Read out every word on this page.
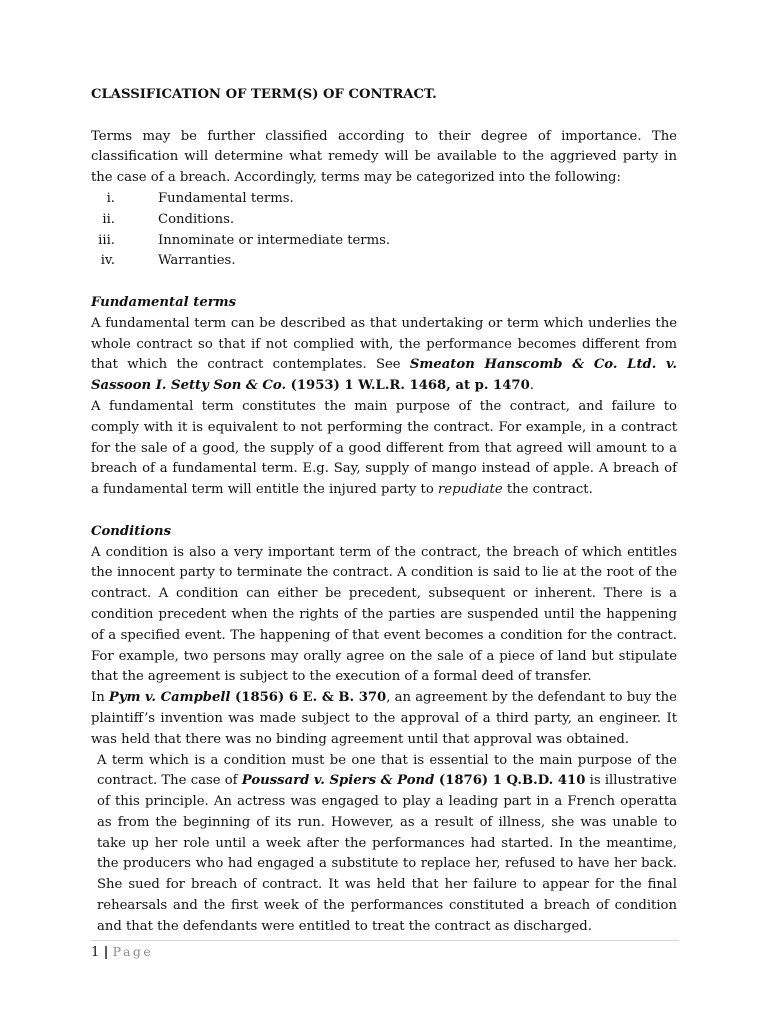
CLASSIFICATION OF TERM(S) OF CONTRACT.

Terms may be further classified according to their degree of importance. The classification will determine what remedy will be available to the aggrieved party in the case of a breach. Accordingly, terms may be categorized into the following:

i.	Fundamental terms.
ii.	Conditions.
iii.	Innominate or intermediate terms.
iv.	Warranties.
Fundamental terms

A fundamental term can be described as that undertaking or term which underlies the whole contract so that if not complied with, the performance becomes different from that which the contract contemplates. See Smeaton Hanscomb & Co. Ltd. v. Sassoon I. Setty Son & Co. (1953) 1 W.L.R. 1468, at p. 1470.

A fundamental term constitutes the main purpose of the contract, and failure to comply with it is equivalent to not performing the contract. For example, in a contract for the sale of a good, the supply of a good different from that agreed will amount to a breach of a fundamental term. E.g. Say, supply of mango instead of apple. A breach of a fundamental term will entitle the injured party to repudiate the contract.

Conditions

A condition is also a very important term of the contract, the breach of which entitles the innocent party to terminate the contract. A condition is said to lie at the root of the contract. A condition can either be precedent, subsequent or inherent. There is a condition precedent when the rights of the parties are suspended until the happening of a specified event. The happening of that event becomes a condition for the contract. For example, two persons may orally agree on the sale of a piece of land but stipulate that the agreement is subject to the execution of a formal deed of transfer.

In Pym v. Campbell (1856) 6 E. & B. 370, an agreement by the defendant to buy the plaintiff’s invention was made subject to the approval of a third party, an engineer. It was held that there was no binding agreement until that approval was obtained.

A term which is a condition must be one that is essential to the main purpose of the contract. The case of Poussard v. Spiers & Pond (1876) 1 Q.B.D. 410 is illustrative of this principle. An actress was engaged to play a leading part in a French operatta as from the beginning of its run. However, as a result of illness, she was unable to take up her role until a week after the performances had started. In the meantime, the producers who had engaged a substitute to replace her, refused to have her back. She sued for breach of contract. It was held that her failure to appear for the final rehearsals and the first week of the performances constituted a breach of condition and that the defendants were entitled to treat the contract as discharged.

1 | Page
